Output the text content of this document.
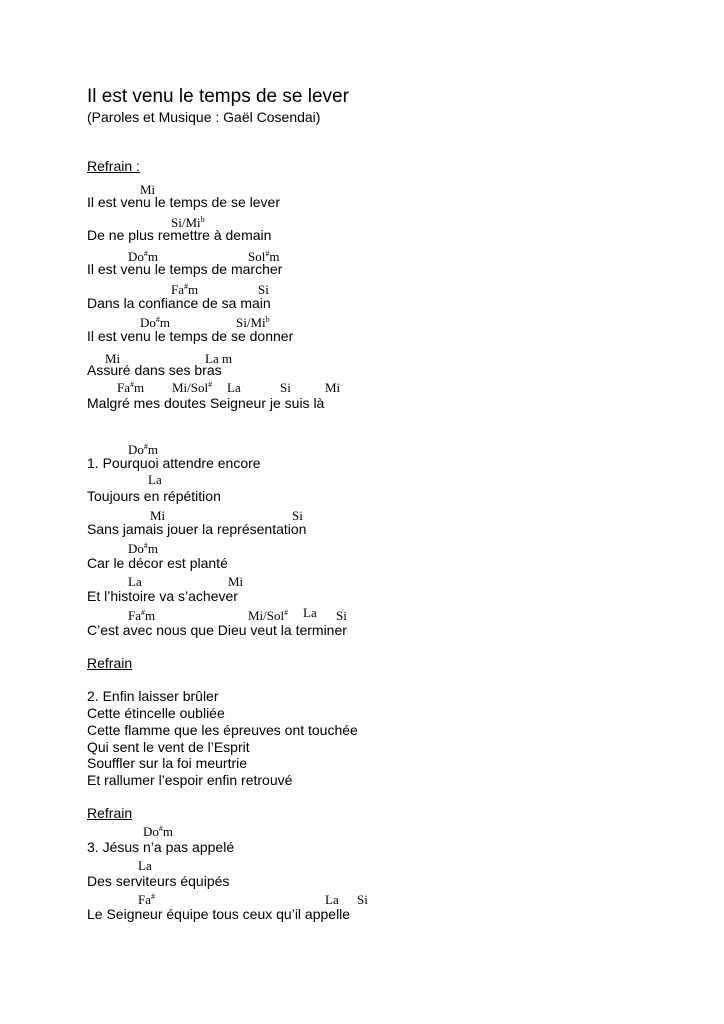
Il est venu le temps de se lever
(Paroles et Musique : Gaël Cosendai)
Refrain :
Mi
Il est venu le temps de se lever
Si/Mi$^b$
De ne plus remettre à demain
Do#m	Sol#m
Il est venu le temps de marcher
Fa#m	Si
Dans la confiance de sa main
Do#m	Si/Mi$^b$
Il est venu le temps de se donner
Mi	La m
Assuré dans ses bras
Fa#m Mi/Sol# La	Si	Mi
Malgré mes doutes Seigneur je suis là
Do#m
1. Pourquoi attendre encore
La
Toujours en répétition
Mi	Si
Sans jamais jouer la représentation
Do#m
Car le décor est planté
La	Mi
Et l’histoire va s’achever
Fa#m	Mi/Sol# La Si
C’est avec nous que Dieu veut la terminer
Refrain
2. Enfin laisser brûler
Cette étincelle oubliée
Cette flamme que les épreuves ont touchée
Qui sent le vent de l’Esprit
Souffler sur la foi meurtrie
Et rallumer l’espoir enfin retrouvé
Refrain
Do#m
3. Jésus n’a pas appelé
La
Des serviteurs équipés
Fa#	La Si
Le Seigneur équipe tous ceux qu’il appelle
